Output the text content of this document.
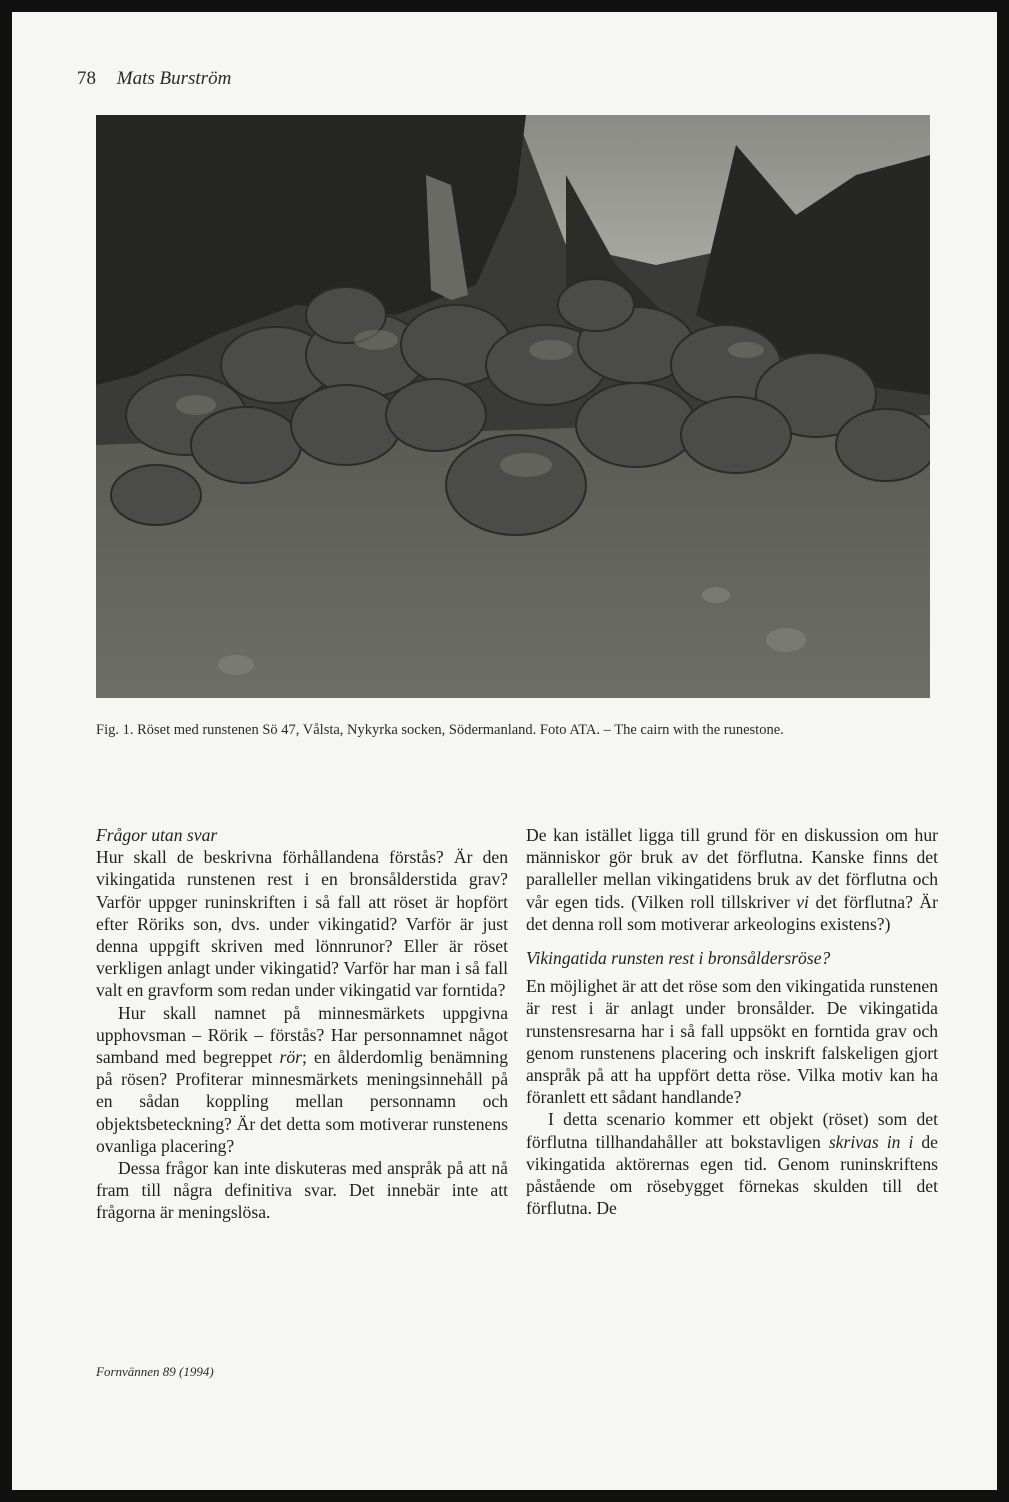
78 Mats Burström
Fig. 1. Röset med runstenen Sö 47, Vålsta, Nykyrka socken, Södermanland. Foto ATA. – The cairn with the runestone.

Frågor utan svar

Hur skall de beskrivna förhållandena förstås? Är den vikingatida runstenen rest i en bronsålderstida grav? Varför uppger runinskriften i så fall att röset är hopfört efter Röriks son, dvs. under vikingatid? Varför är just denna uppgift skriven med lönnrunor? Eller är röset verkligen anlagt under vikingatid? Varför har man i så fall valt en gravform som redan under vikingatid var forntida?

Hur skall namnet på minnesmärkets uppgivna upphovsman – Rörik – förstås? Har personnamnet något samband med begreppet rör; en ålderdomlig benämning på rösen? Profiterar minnesmärkets meningsinnehåll på en sådan koppling mellan personnamn och objektsbeteckning? Är det detta som motiverar runstenens ovanliga placering?

Dessa frågor kan inte diskuteras med anspråk på att nå fram till några definitiva svar. Det innebär inte att frågorna är meningslösa.

De kan istället ligga till grund för en diskussion om hur människor gör bruk av det förflutna. Kanske finns det paralleller mellan vikingatidens bruk av det förflutna och vår egen tids. (Vilken roll tillskriver vi det förflutna? Är det denna roll som motiverar arkeologins existens?)

Vikingatida runsten rest i bronsåldersröse?

En möjlighet är att det röse som den vikingatida runstenen är rest i är anlagt under bronsålder. De vikingatida runstensresarna har i så fall uppsökt en forntida grav och genom runstenens placering och inskrift falskeligen gjort anspråk på att ha uppfört detta röse. Vilka motiv kan ha föranlett ett sådant handlande?

I detta scenario kommer ett objekt (röset) som det förflutna tillhandahåller att bokstavligen skrivas in i de vikingatida aktörernas egen tid. Genom runinskriftens påstående om rösebygget förnekas skulden till det förflutna. De

Fornvännen 89 (1994)
